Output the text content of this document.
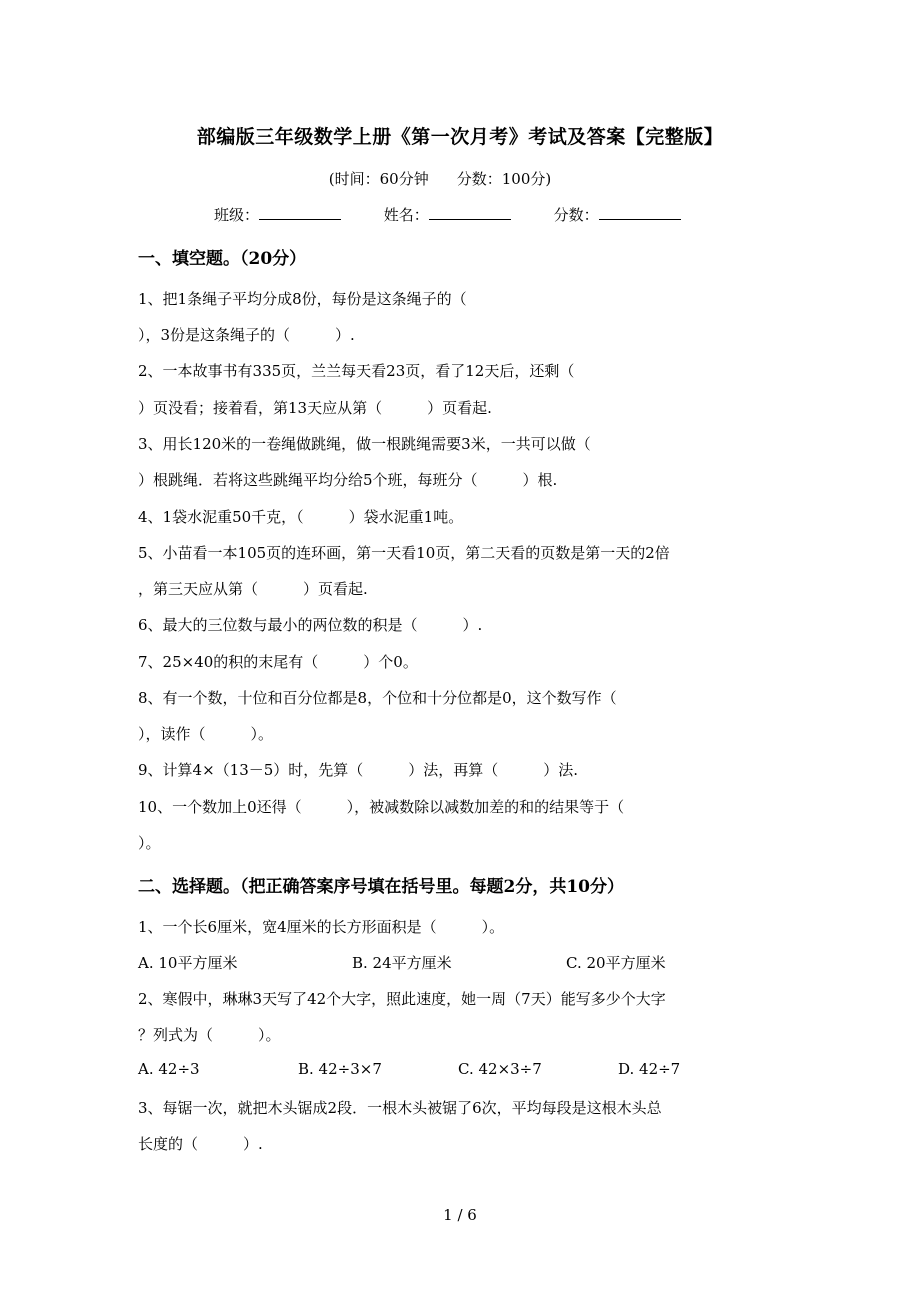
部编版三年级数学上册《第一次月考》考试及答案【完整版】
(时间：60分钟 分数：100分)
班级：	姓名：	分数：
一、填空题。（20分）
1、把1条绳子平均分成8份，每份是这条绳子的（
），3份是这条绳子的（　　　）.
2、一本故事书有335页，兰兰每天看23页，看了12天后，还剩（
）页没看；接着看，第13天应从第（　　　）页看起.
3、用长120米的一卷绳做跳绳，做一根跳绳需要3米，一共可以做（
）根跳绳．若将这些跳绳平均分给5个班，每班分（　　　）根.
4、1袋水泥重50千克，（　　　）袋水泥重1吨。
5、小苗看一本105页的连环画，第一天看10页，第二天看的页数是第一天的2倍
，第三天应从第（　　　）页看起.
6、最大的三位数与最小的两位数的积是（　　　）.
7、25×40的积的末尾有（　　　）个0。
8、有一个数，十位和百分位都是8，个位和十分位都是0，这个数写作（
），读作（　　　）。
9、计算4×（13－5）时，先算（　　　）法，再算（　　　）法.
10、一个数加上0还得（　　　），被减数除以减数加差的和的结果等于（
）。
二、选择题。（把正确答案序号填在括号里。每题2分，共10分）
1、一个长6厘米，宽4厘米的长方形面积是（　　　）。
A. 10平方厘米	B. 24平方厘米	C. 20平方厘米
2、寒假中，琳琳3天写了42个大字，照此速度，她一周（7天）能写多少个大字
？列式为（　　　）。
A. 42÷3	B. 42÷3×7	C. 42×3÷7	D. 42÷7
3、每锯一次，就把木头锯成2段．一根木头被锯了6次，平均每段是这根木头总
长度的（　　　）.
1 / 6
